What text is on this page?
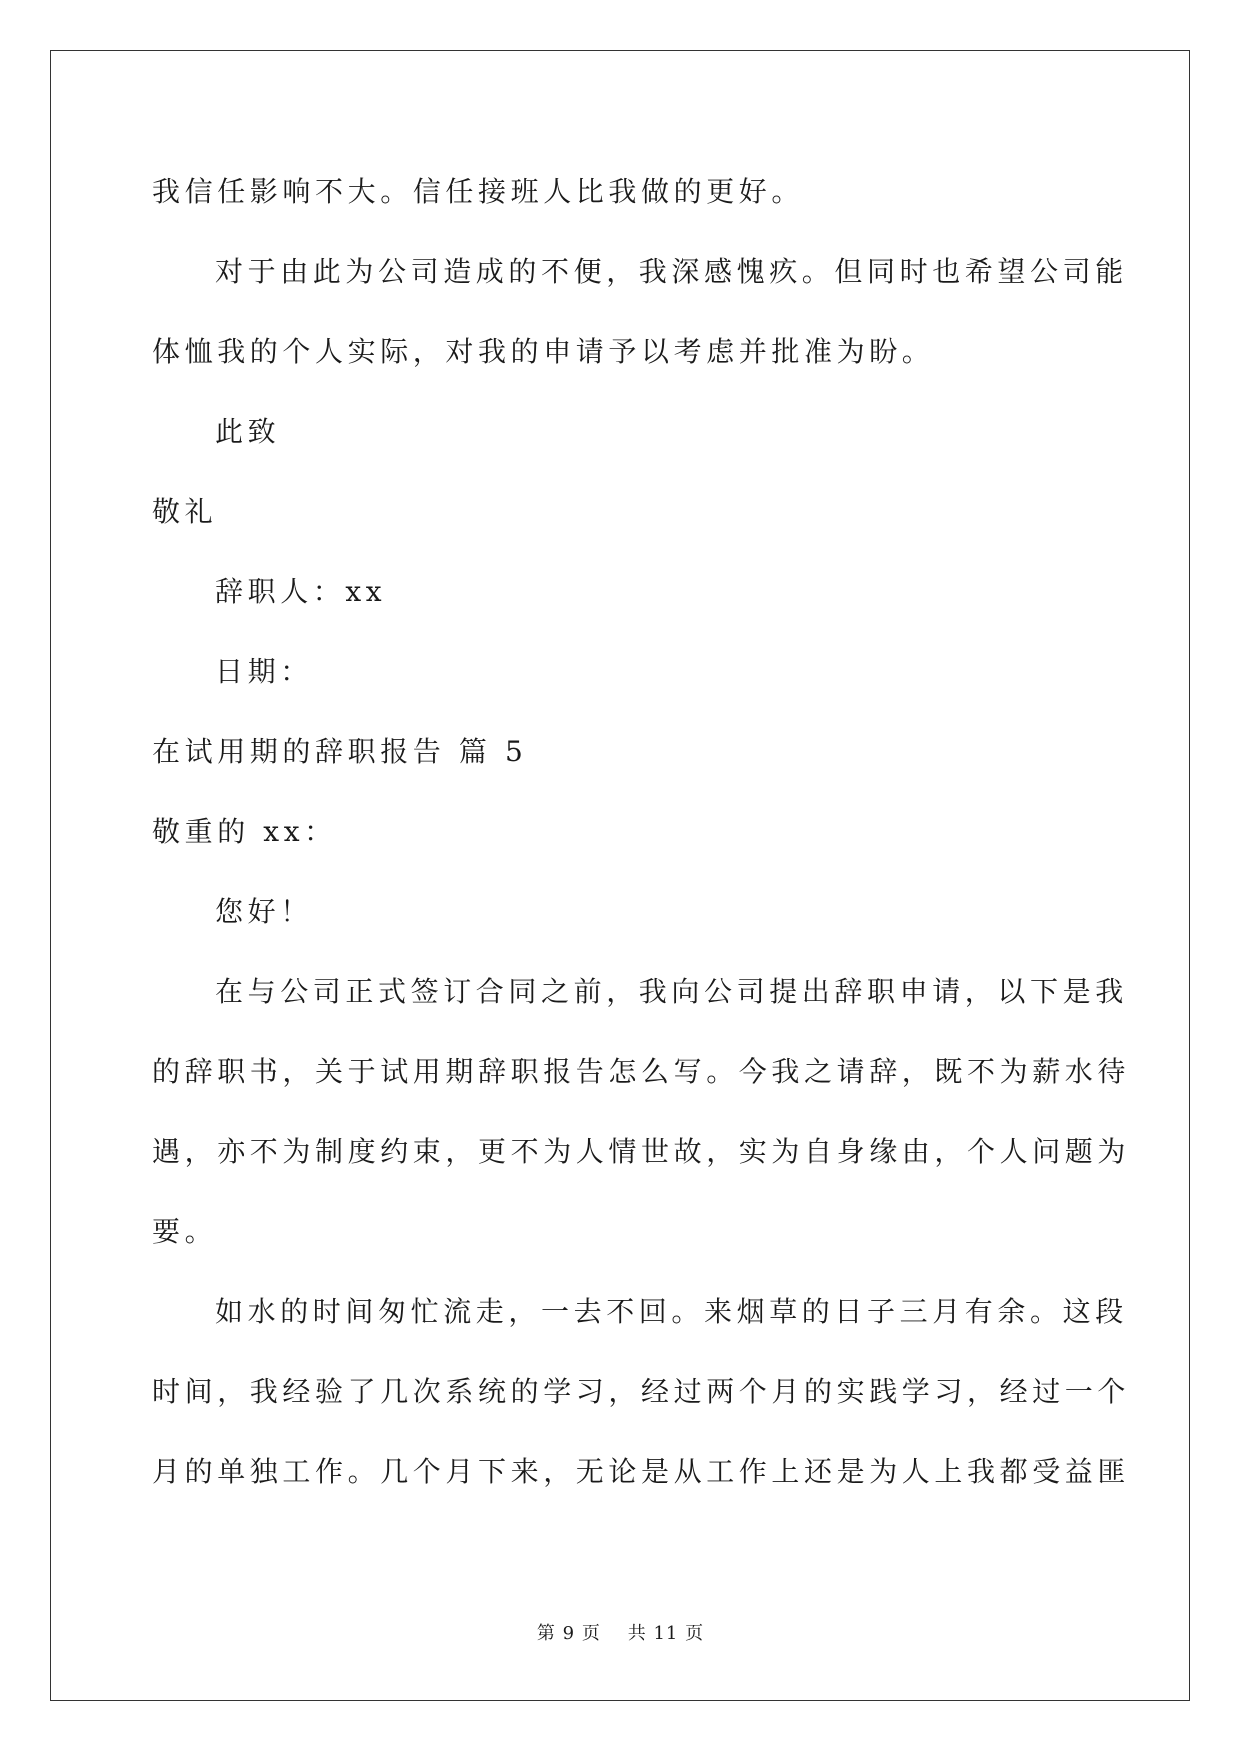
我信任影响不大。信任接班人比我做的更好。
对于由此为公司造成的不便，我深感愧疚。但同时也希望公司能
体恤我的个人实际，对我的申请予以考虑并批准为盼。
此致
敬礼
辞职人：xx
日期：
在试用期的辞职报告 篇 5
敬重的 xx：
您好！
在与公司正式签订合同之前，我向公司提出辞职申请，以下是我
的辞职书，关于试用期辞职报告怎么写。今我之请辞，既不为薪水待
遇，亦不为制度约束，更不为人情世故，实为自身缘由，个人问题为
要。
如水的时间匆忙流走，一去不回。来烟草的日子三月有余。这段
时间，我经验了几次系统的学习，经过两个月的实践学习，经过一个
月的单独工作。几个月下来，无论是从工作上还是为人上我都受益匪
第 9 页 共 11 页
